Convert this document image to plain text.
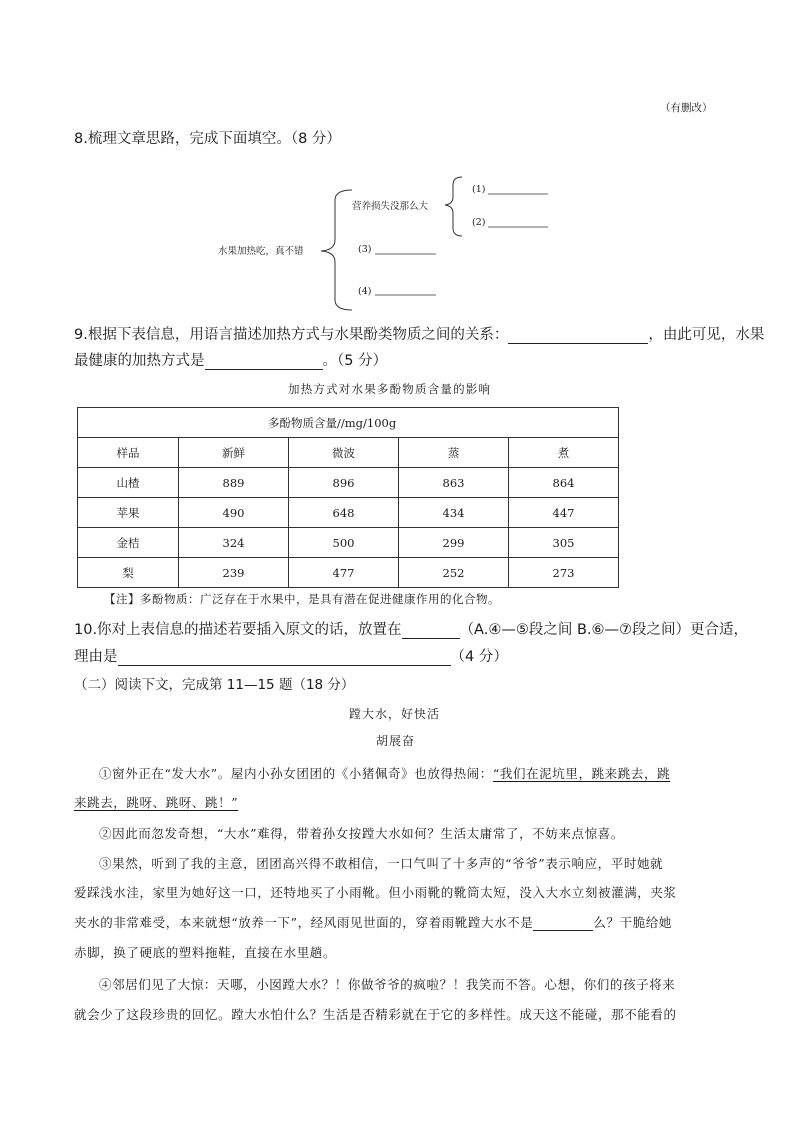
（有删改）
8.梳理文章思路，完成下面填空。（8 分）
水果加热吃，真不错
营养损失没那么大
(1)
(2)
(3)
(4)
9.根据下表信息，用语言描述加热方式与水果酚类物质之间的关系：	，由此可见，水果
最健康的加热方式是	。（5 分）
加热方式对水果多酚物质含量的影响
多酚物质含量//mg/100g				
样品	新鲜	微波	蒸	煮
山楂	889	896	863	864
苹果	490	648	434	447
金桔	324	500	299	305
梨	239	477	252	273
【注】多酚物质：广泛存在于水果中，是具有潜在促进健康作用的化合物。
10.你对上表信息的描述若要插入原文的话，放置在	（A.④—⑤段之间 B.⑥—⑦段之间）更合适，
理由是	（4 分）
（二）阅读下文，完成第 11—15 题（18 分）
蹚大水，好快活
胡展奋
①窗外正在“发大水”。屋内小孙女团团的《小猪佩奇》也放得热闹：“我们在泥坑里，跳来跳去，跳
来跳去，跳呀、跳呀、跳！”
②因此而忽发奇想，“大水”难得，带着孙女按蹚大水如何？生活太庸常了，不妨来点惊喜。
③果然，听到了我的主意，团团高兴得不敢相信，一口气叫了十多声的“爷爷”表示响应，平时她就
爱踩浅水洼，家里为她好这一口，还特地买了小雨靴。但小雨靴的靴筒太短，没入大水立刻被灌满，夹浆
夹水的非常难受，本来就想“放养一下”，经风雨见世面的，穿着雨靴蹚大水不是	么？干脆给她
赤脚，换了硬底的塑料拖鞋，直接在水里趟。
④邻居们见了大惊：天哪，小囡蹚大水？！你做爷爷的疯啦？！我笑而不答。心想，你们的孩子将来
就会少了这段珍贵的回忆。蹚大水怕什么？生活是否精彩就在于它的多样性。成天这不能碰，那不能看的
